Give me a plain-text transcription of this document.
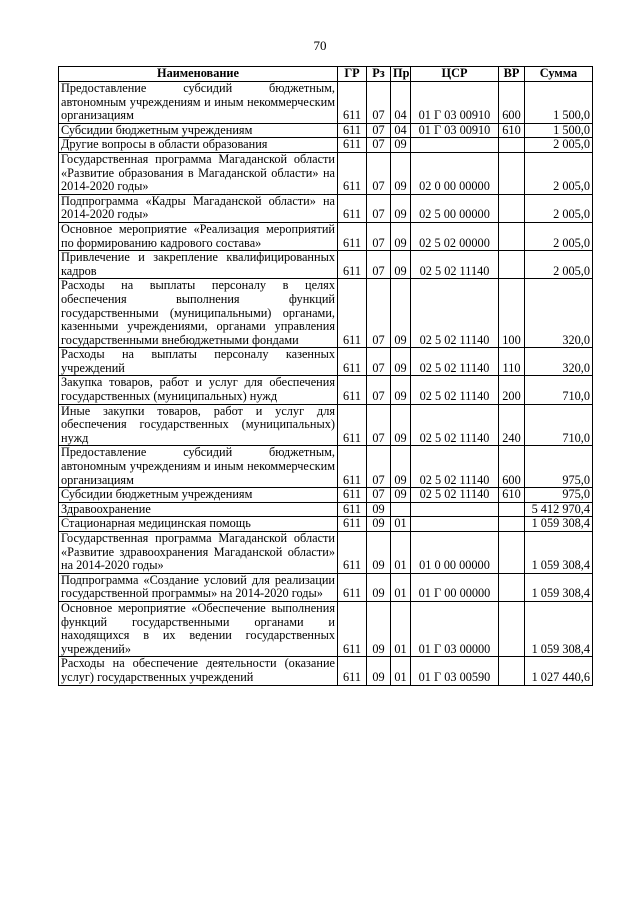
70
Наименование	ГР	Рз	Пр	ЦСР	ВР	Сумма
Предоставление субсидий бюджетным, автономным учреждениям и иным некоммерческим организациям	611	07	04	01 Г 03 00910	600	1 500,0
Субсидии бюджетным учреждениям	611	07	04	01 Г 03 00910	610	1 500,0
Другие вопросы в области образования	611	07	09			2 005,0
Государственная программа Магаданской области «Развитие образования в Магаданской области» на 2014-2020 годы»	611	07	09	02 0 00 00000		2 005,0
Подпрограмма «Кадры Магаданской области» на 2014-2020 годы»	611	07	09	02 5 00 00000		2 005,0
Основное мероприятие «Реализация мероприятий по формированию кадрового состава»	611	07	09	02 5 02 00000		2 005,0
Привлечение и закрепление квалифицированных кадров	611	07	09	02 5 02 11140		2 005,0
Расходы на выплаты персоналу в целях обеспечения выполнения функций государственными (муниципальными) органами, казенными учреждениями, органами управления государственными внебюджетными фондами	611	07	09	02 5 02 11140	100	320,0
Расходы на выплаты персоналу казенных учреждений	611	07	09	02 5 02 11140	110	320,0
Закупка товаров, работ и услуг для обеспечения государственных (муниципальных) нужд	611	07	09	02 5 02 11140	200	710,0
Иные закупки товаров, работ и услуг для обеспечения государственных (муниципальных) нужд	611	07	09	02 5 02 11140	240	710,0
Предоставление субсидий бюджетным, автономным учреждениям и иным некоммерческим организациям	611	07	09	02 5 02 11140	600	975,0
Субсидии бюджетным учреждениям	611	07	09	02 5 02 11140	610	975,0
Здравоохранение	611	09				5 412 970,4
Стационарная медицинская помощь	611	09	01			1 059 308,4
Государственная программа Магаданской области «Развитие здравоохранения Магаданской области» на 2014-2020 годы»	611	09	01	01 0 00 00000		1 059 308,4
Подпрограмма «Создание условий для реализации государственной программы» на 2014-2020 годы»	611	09	01	01 Г 00 00000		1 059 308,4
Основное мероприятие «Обеспечение выполнения функций государственными органами и находящихся в их ведении государственных учреждений»	611	09	01	01 Г 03 00000		1 059 308,4
Расходы на обеспечение деятельности (оказание услуг) государственных учреждений	611	09	01	01 Г 03 00590		1 027 440,6
